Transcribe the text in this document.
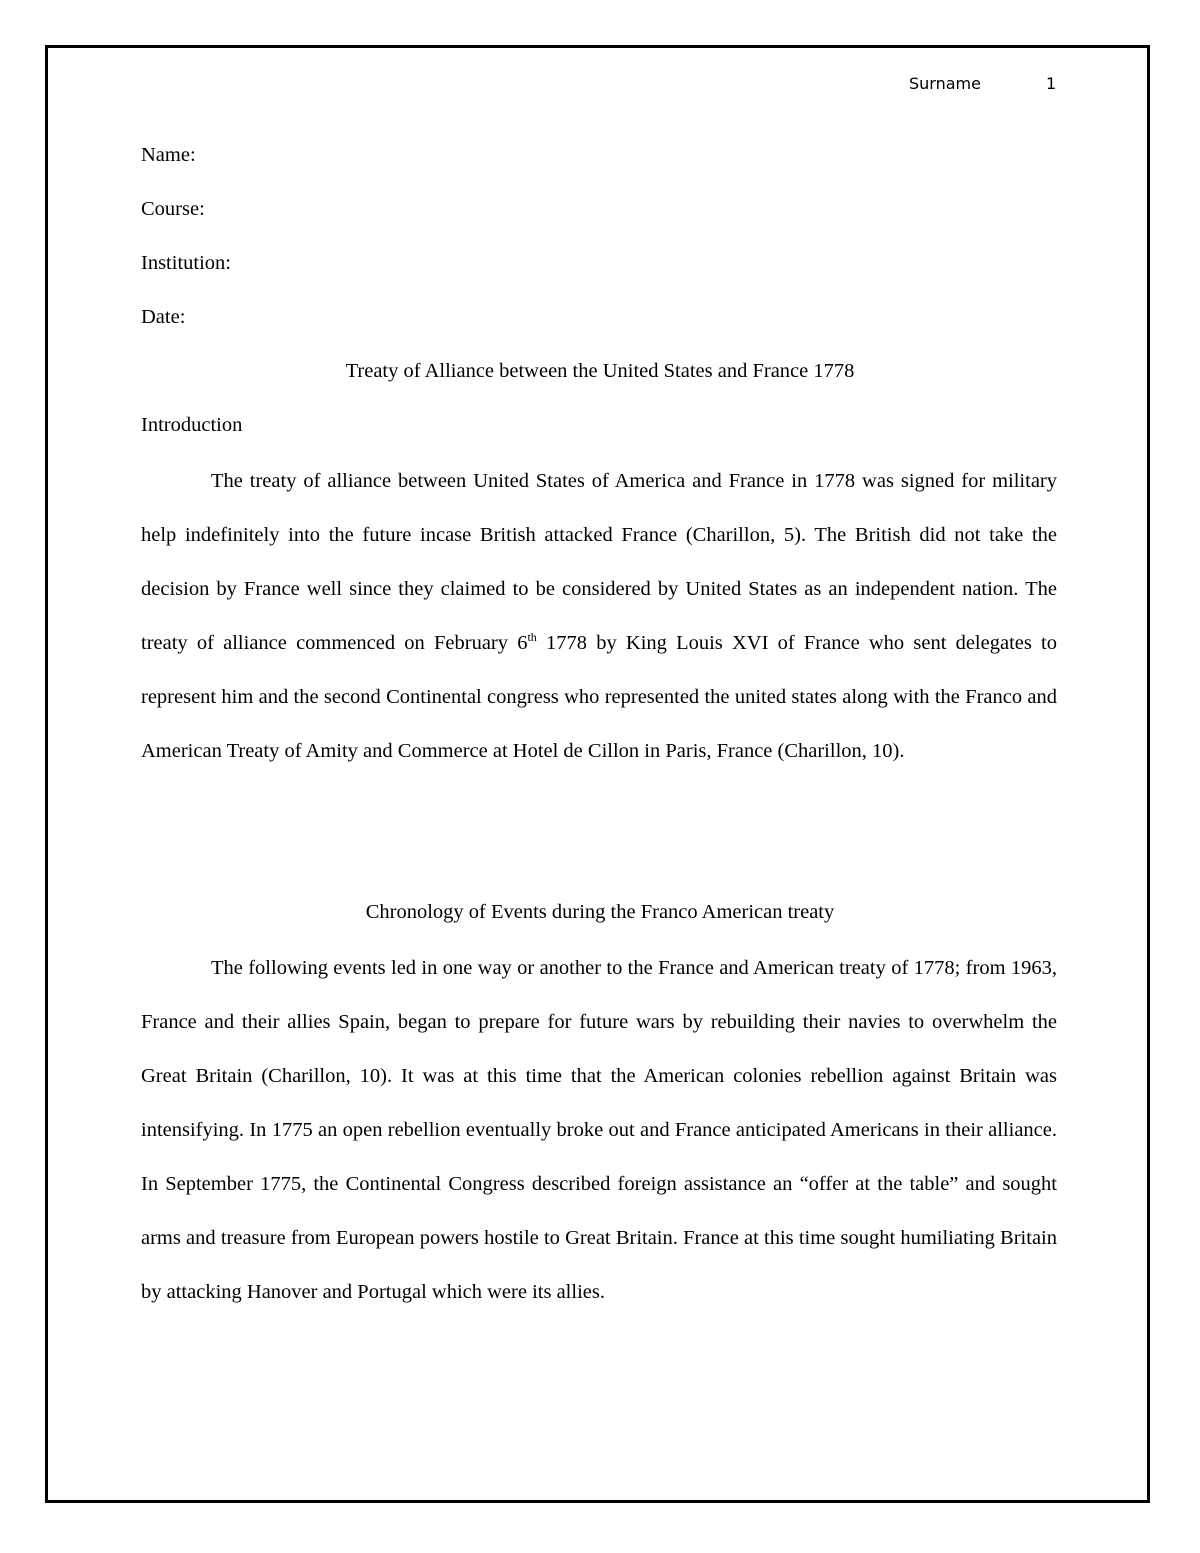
Surname	1
Name:
Course:
Institution:
Date:
Treaty of Alliance between the United States and France 1778
Introduction

The treaty of alliance between United States of America and France in 1778 was signed for military help indefinitely into the future incase British attacked France (Charillon, 5). The British did not take the decision by France well since they claimed to be considered by United States as an independent nation. The treaty of alliance commenced on February 6th 1778 by King Louis XVI of France who sent delegates to represent him and the second Continental congress who represented the united states along with the Franco and American Treaty of Amity and Commerce at Hotel de Cillon in Paris, France (Charillon, 10).

Chronology of Events during the Franco American treaty

The following events led in one way or another to the France and American treaty of 1778; from 1963, France and their allies Spain, began to prepare for future wars by rebuilding their navies to overwhelm the Great Britain (Charillon, 10). It was at this time that the American colonies rebellion against Britain was intensifying. In 1775 an open rebellion eventually broke out and France anticipated Americans in their alliance. In September 1775, the Continental Congress described foreign assistance an “offer at the table” and sought arms and treasure from European powers hostile to Great Britain. France at this time sought humiliating Britain by attacking Hanover and Portugal which were its allies.
